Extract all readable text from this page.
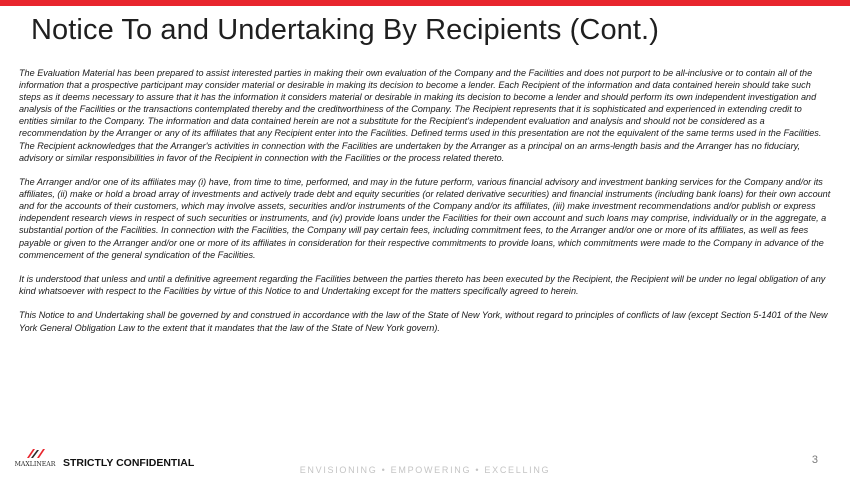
Notice To and Undertaking By Recipients (Cont.)

The Evaluation Material has been prepared to assist interested parties in making their own evaluation of the Company and the Facilities and does not purport to be all-inclusive or to contain all of the information that a prospective participant may consider material or desirable in making its decision to become a lender. Each Recipient of the information and data contained herein should take such steps as it deems necessary to assure that it has the information it considers material or desirable in making its decision to become a lender and should perform its own independent investigation and analysis of the Facilities or the transactions contemplated thereby and the creditworthiness of the Company. The Recipient represents that it is sophisticated and experienced in extending credit to entities similar to the Company. The information and data contained herein are not a substitute for the Recipient's independent evaluation and analysis and should not be considered as a recommendation by the Arranger or any of its affiliates that any Recipient enter into the Facilities. Defined terms used in this presentation are not the equivalent of the same terms used in the Facilities. The Recipient acknowledges that the Arranger's activities in connection with the Facilities are undertaken by the Arranger as a principal on an arms-length basis and the Arranger has no fiduciary, advisory or similar responsibilities in favor of the Recipient in connection with the Facilities or the process related thereto.

The Arranger and/or one of its affiliates may (i) have, from time to time, performed, and may in the future perform, various financial advisory and investment banking services for the Company and/or its affiliates, (ii) make or hold a broad array of investments and actively trade debt and equity securities (or related derivative securities) and financial instruments (including bank loans) for their own account and for the accounts of their customers, which may involve assets, securities and/or instruments of the Company and/or its affiliates, (iii) make investment recommendations and/or publish or express independent research views in respect of such securities or instruments, and (iv) provide loans under the Facilities for their own account and such loans may comprise, individually or in the aggregate, a substantial portion of the Facilities. In connection with the Facilities, the Company will pay certain fees, including commitment fees, to the Arranger and/or one or more of its affiliates, as well as fees payable or given to the Arranger and/or one or more of its affiliates in consideration for their respective commitments to provide loans, which commitments were made to the Company in advance of the commencement of the general syndication of the Facilities.

It is understood that unless and until a definitive agreement regarding the Facilities between the parties thereto has been executed by the Recipient, the Recipient will be under no legal obligation of any kind whatsoever with respect to the Facilities by virtue of this Notice to and Undertaking except for the matters specifically agreed to herein.

This Notice to and Undertaking shall be governed by and construed in accordance with the law of the State of New York, without regard to principles of conflicts of law (except Section 5-1401 of the New York General Obligation Law to the extent that it mandates that the law of the State of New York govern).

MAXLINEAR STRICTLY CONFIDENTIAL
ENVISIONING • EMPOWERING • EXCELLING
3
